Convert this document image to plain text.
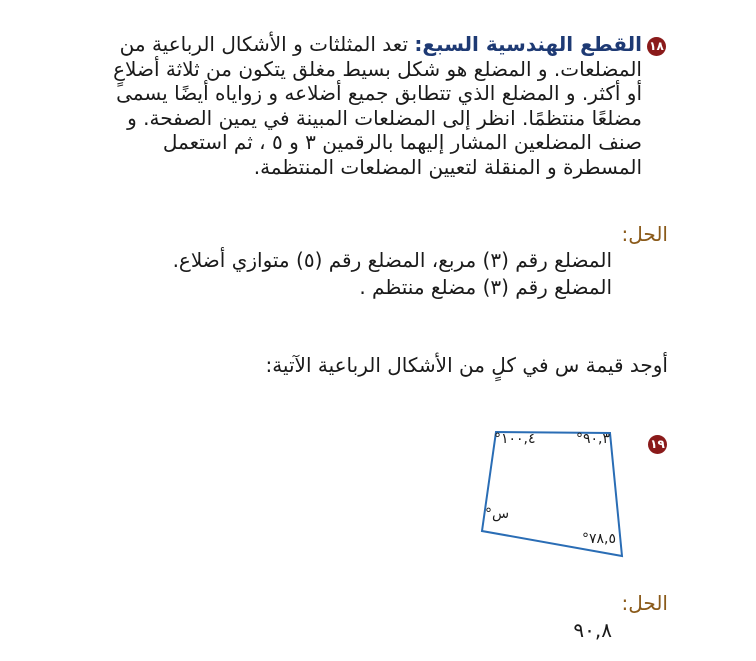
١٨
القطع الهندسية السبع: تعد المثلثات و الأشكال الرباعية من المضلعات. و المضلع هو شكل بسيط مغلق يتكون من ثلاثة أضلاعٍ أو أكثر. و المضلع الذي تتطابق جميع أضلاعه و زواياه أيضًا يسمى مضلعًا منتظمًا. انظر إلى المضلعات المبينة في يمين الصفحة. و صنف المضلعين المشار إليهما بالرقمين ٣ و ٥ ، ثم استعمل المسطرة و المنقلة لتعيين المضلعات المنتظمة.
الحل:
المضلع رقم (٣) مربع، المضلع رقم (٥) متوازي أضلاع.
المضلع رقم (٣) مضلع منتظم .
أوجد قيمة س في كلٍ من الأشكال الرباعية الآتية:
١٩
°١٠٠,٤	°٩٠,٣
°٧٨,٥
°س
الحل:
٩٠,٨
